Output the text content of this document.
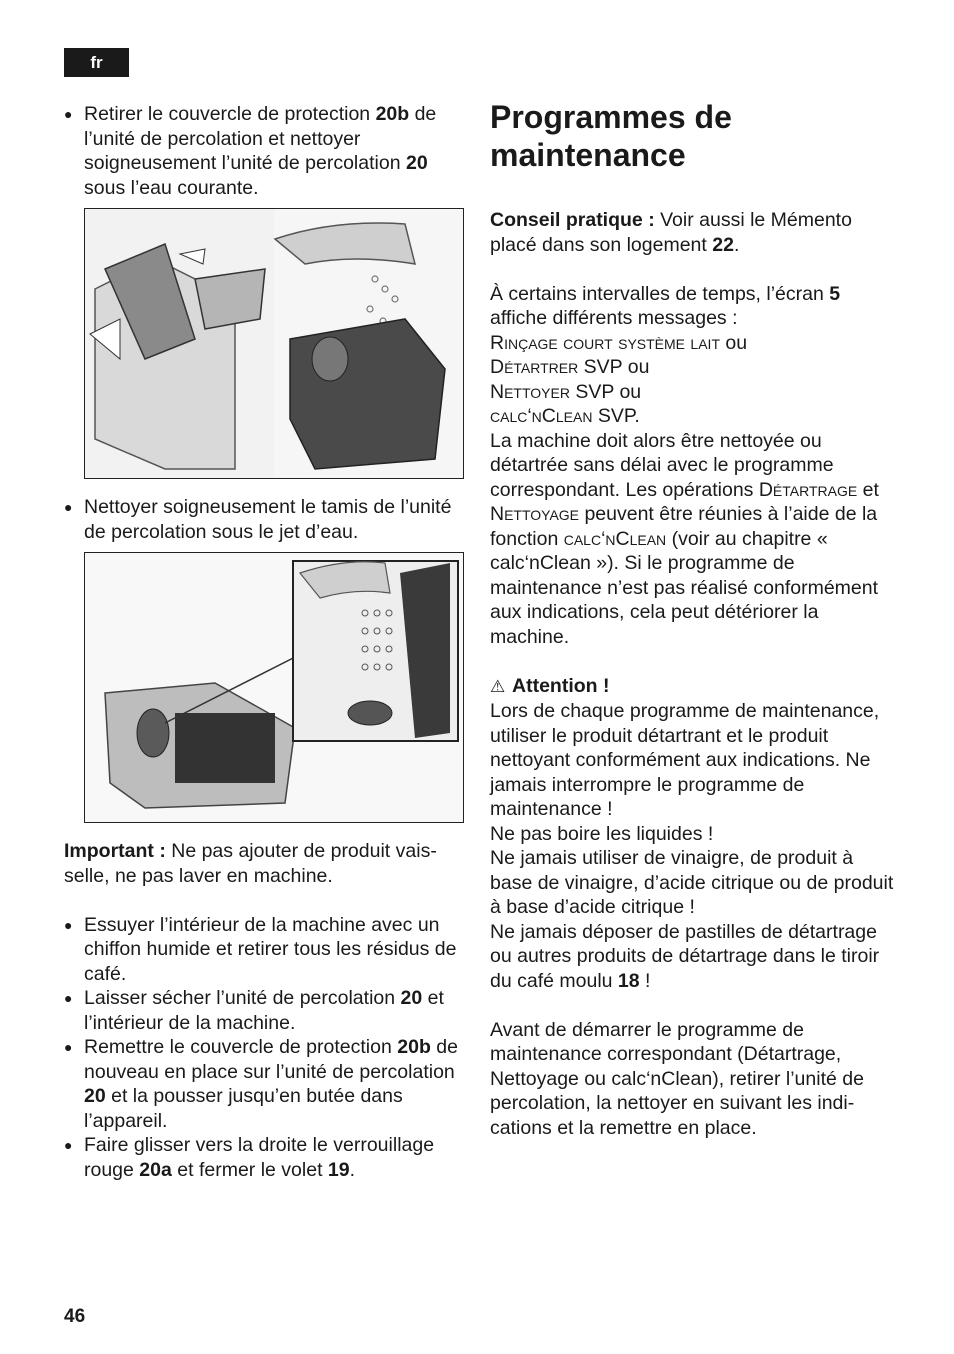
fr
● Retirer le couvercle de protection 20b de l’unité de percolation et nettoyer soigneusement l’unité de percolation 20 sous l’eau courante.
● Nettoyer soigneusement le tamis de l’unité de percolation sous le jet d’eau.

Important : Ne pas ajouter de produit vais-selle, ne pas laver en machine.

● Essuyer l’intérieur de la machine avec un chiffon humide et retirer tous les résidus de café.
● Laisser sécher l’unité de percolation 20 et l’intérieur de la machine.
● Remettre le couvercle de protection 20b de nouveau en place sur l’unité de percolation 20 et la pousser jusqu’en butée dans l’appareil.
● Faire glisser vers la droite le verrouillage rouge 20a et fermer le volet 19.
Programmes de maintenance

Conseil pratique : Voir aussi le Mémento placé dans son logement 22.

À certains intervalles de temps, l’écran 5 affiche différents messages :

Rinçage court système lait ou

Détartrer SVP ou

Nettoyer SVP ou

calc‘nClean SVP.

La machine doit alors être nettoyée ou détartrée sans délai avec le programme correspondant. Les opérations Détartrage et Nettoyage peuvent être réunies à l’aide de la fonction calc‘nClean (voir au chapitre « calc‘nClean »). Si le programme de maintenance n’est pas réalisé conformément aux indications, cela peut détériorer la machine.

⚠ Attention !

Lors de chaque programme de maintenance, utiliser le produit détartrant et le produit nettoyant conformément aux indications. Ne jamais interrompre le programme de maintenance !

Ne pas boire les liquides !

Ne jamais utiliser de vinaigre, de produit à base de vinaigre, d’acide citrique ou de produit à base d’acide citrique !

Ne jamais déposer de pastilles de détartrage ou autres produits de détartrage dans le tiroir du café moulu 18 !

Avant de démarrer le programme de maintenance correspondant (Détartrage, Nettoyage ou calc‘nClean), retirer l’unité de percolation, la nettoyer en suivant les indi-cations et la remettre en place.

46
